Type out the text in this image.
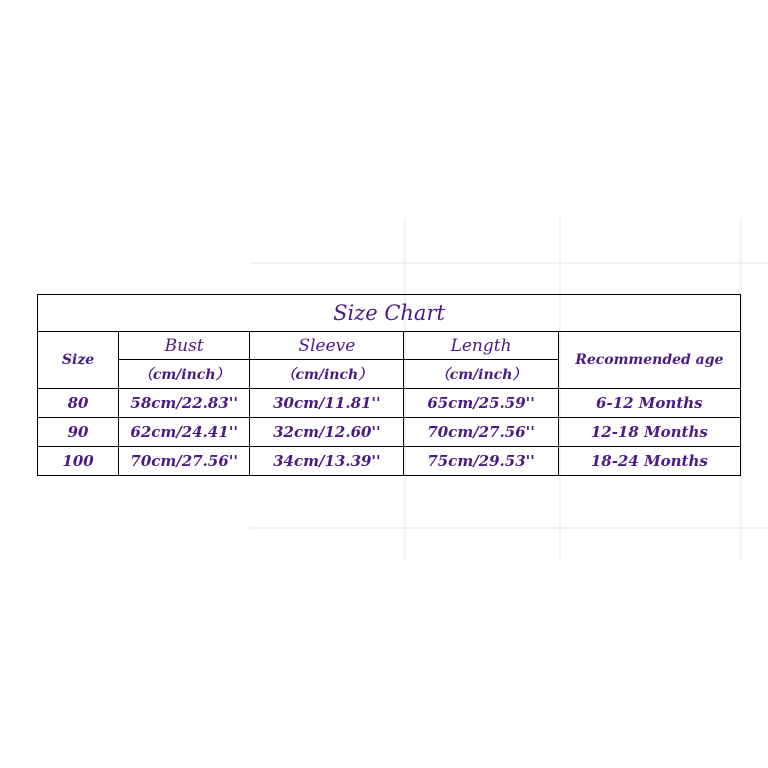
Size Chart				
Size	Bust	Sleeve	Length	Recommended age
	（cm/inch）	（cm/inch）	（cm/inch）	
80	58cm/22.83''	30cm/11.81''	65cm/25.59''	6-12 Months
90	62cm/24.41''	32cm/12.60''	70cm/27.56''	12-18 Months
100	70cm/27.56''	34cm/13.39''	75cm/29.53''	18-24 Months
